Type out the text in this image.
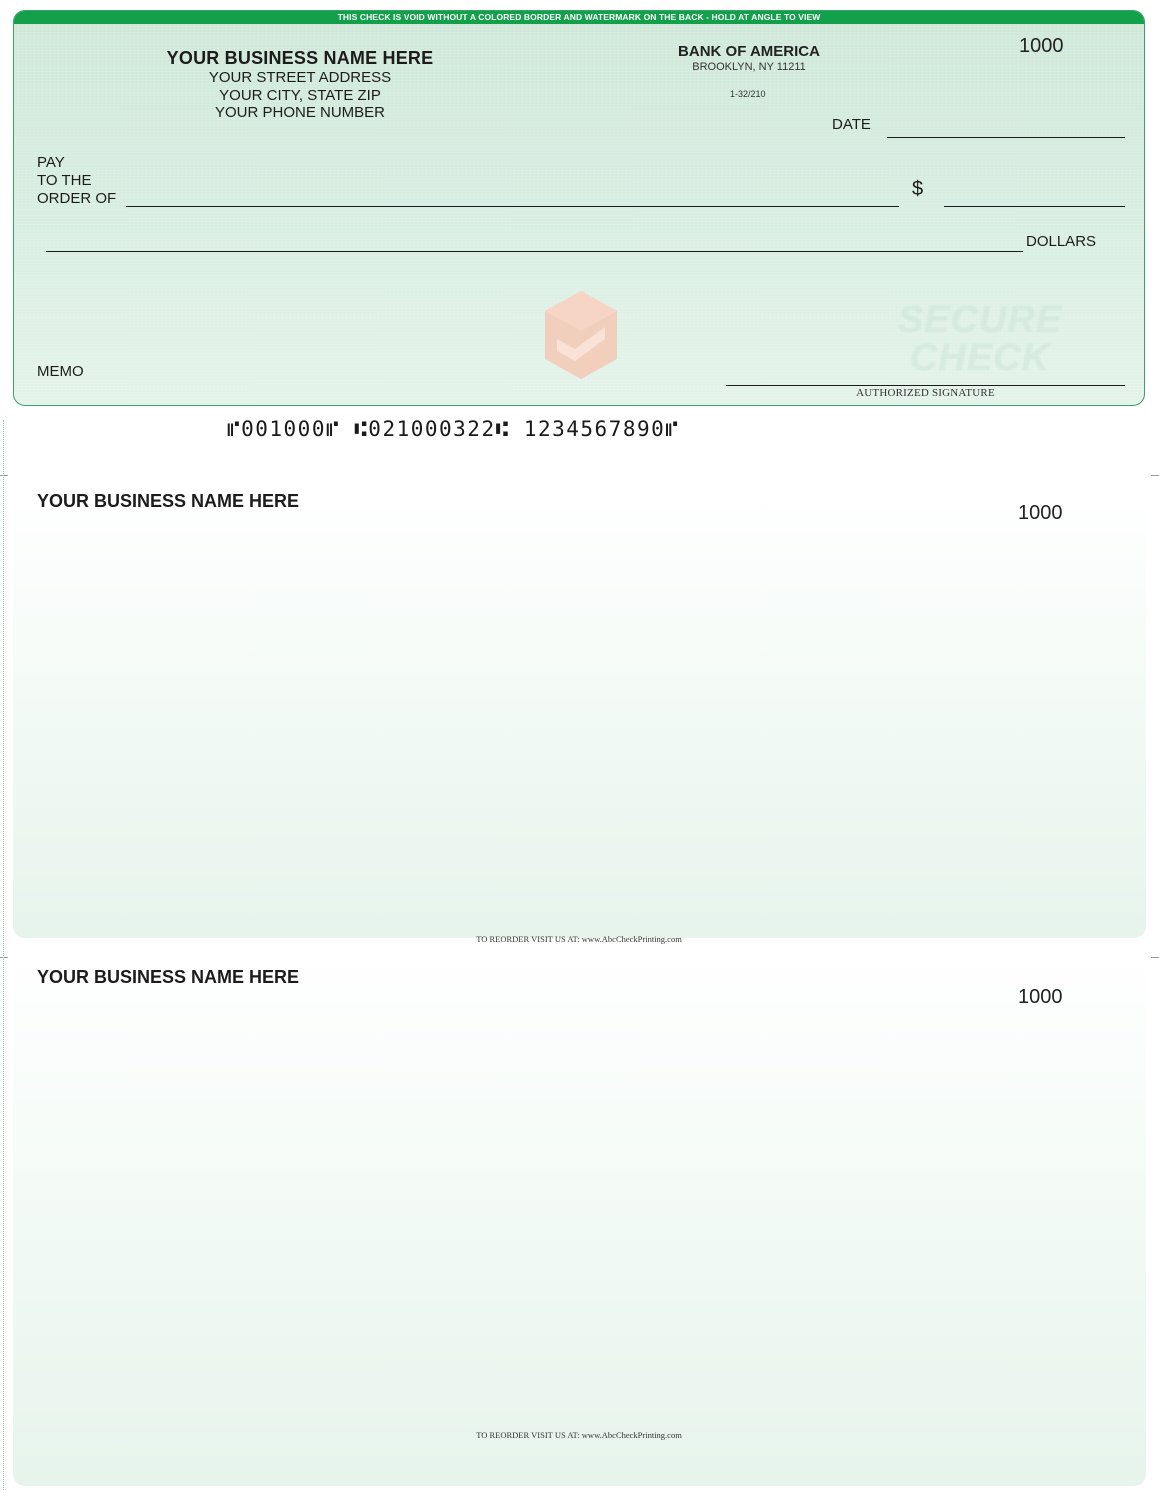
THIS CHECK IS VOID WITHOUT A COLORED BORDER AND WATERMARK ON THE BACK - HOLD AT ANGLE TO VIEW
YOUR BUSINESS NAME HERE
YOUR STREET ADDRESS
YOUR CITY, STATE ZIP
YOUR PHONE NUMBER
BANK OF AMERICA
BROOKLYN, NY 11211
1-32/210
1000
DATE
PAY
TO THE
ORDER OF	$
DOLLARS
SECURE
CHECK
MEMO
AUTHORIZED SIGNATURE
⑈001000⑈ ⑆021000322⑆ 1234567890⑈
YOUR BUSINESS NAME HERE
1000
TO REORDER VISIT US AT: www.AbcCheckPrinting.com
YOUR BUSINESS NAME HERE
1000
TO REORDER VISIT US AT: www.AbcCheckPrinting.com
